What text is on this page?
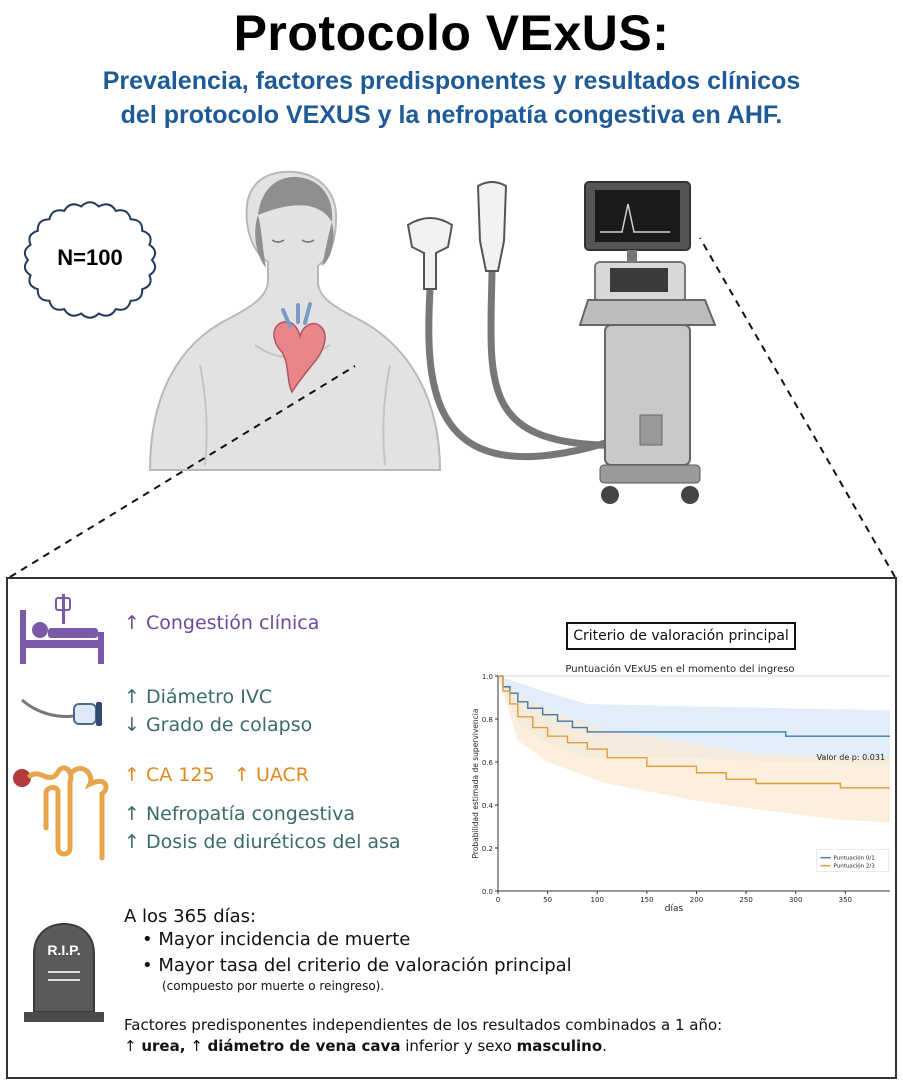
Protocolo VExUS:
Prevalencia, factores predisponentes y resultados clínicos
del protocolo VEXUS y la nefropatía congestiva en AHF.
N=100
↑ Congestión clínica
↑ Diámetro IVC
↓ Grado de colapso
↑ CA 125 ↑ UACR
↑ Nefropatía congestiva
↑ Dosis de diuréticos del asa
R.I.P.
A los 365 días:
• Mayor incidencia de muerte
• Mayor tasa del criterio de valoración principal
(compuesto por muerte o reingreso).
Factores predisponentes independientes de los resultados combinados a 1 año:
↑ urea, ↑ diámetro de vena cava inferior y sexo masculino.
Criterio de valoración principal
Puntuación VExUS en el momento del ingreso
0.0
0.2
0.4
0.6
0.8
1.0
0	50	100	150	200	250	300	350
días
Probabilidad estimada de supervivencia	Valor de p: 0.031
Puntuación 0/1
Puntuación 2/3
